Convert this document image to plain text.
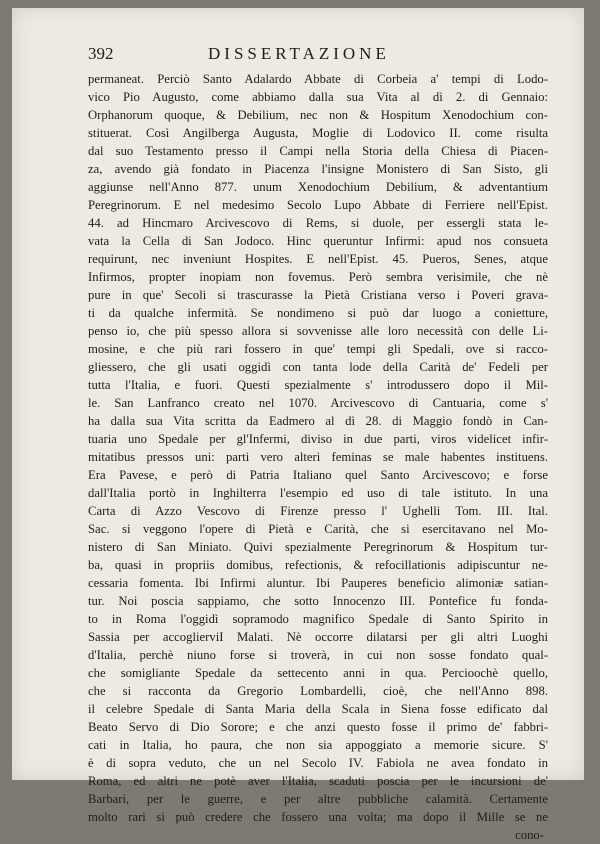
392	DISSERTAZIONE
permaneat. Perciò Santo Adalardo Abbate di Corbeia a' tempi di Lodo-
vico Pio Augusto, come abbiamo dalla sua Vita al dì 2. di Gennaio:
Orphanorum quoque, & Debilium, nec non & Hospitum Xenodochium con-
stituerat. Così Angilberga Augusta, Moglie di Lodovico II. come risulta
dal suo Testamento presso il Campi nella Storia della Chiesa di Piacen-
za, avendo già fondato in Piacenza l'insigne Monistero di San Sisto, gli
aggiunse nell'Anno 877. unum Xenodochium Debilium, & adventantium
Peregrinorum. E nel medesimo Secolo Lupo Abbate di Ferriere nell'Epist.
44. ad Hincmaro Arcivescovo di Rems, si duole, per essergli stata le-
vata la Cella di San Jodoco. Hinc queruntur Infirmi: apud nos consueta
requirunt, nec inveniunt Hospites. E nell'Epist. 45. Pueros, Senes, atque
Infirmos, propter inopiam non fovemus. Però sembra verisimile, che nè
pure in que' Secoli si trascurasse la Pietà Cristiana verso i Poveri grava-
ti da qualche infermità. Se nondimeno si può dar luogo a conietture,
penso io, che più spesso allora si sovvenisse alle loro necessità con delle Li-
mosine, e che più rari fossero in que' tempi gli Spedali, ove si racco-
gliessero, che gli usati oggidì con tanta lode della Carità de' Fedeli per
tutta l'Italia, e fuori. Questi spezialmente s' introdussero dopo il Mil-
le. San Lanfranco creato nel 1070. Arcivescovo di Cantuaria, come s'
ha dalla sua Vita scritta da Eadmero al dì 28. di Maggio fondò in Can-
tuaria uno Spedale per gl'Infermi, diviso in due parti, viros videlicet infir-
mitatibus pressos uni: parti vero alteri feminas se male habentes instituens.
Era Pavese, e però di Patria Italiano quel Santo Arcivescovo; e forse
dall'Italia portò in Inghilterra l'esempio ed uso di tale istituto. In una
Carta di Azzo Vescovo di Firenze presso l' Ughelli Tom. III. Ital.
Sac. si veggono l'opere di Pietà e Carità, che si esercitavano nel Mo-
nistero di San Miniato. Quivi spezialmente Peregrinorum & Hospitum tur-
ba, quasi in propriis domibus, refectionis, & refocillationis adipiscuntur ne-
cessaria fomenta. Ibi Infirmi aluntur. Ibi Pauperes beneficio alimoniæ satian-
tur. Noi poscia sappiamo, che sotto Innocenzo III. Pontefice fu fonda-
to in Roma l'oggidì sopramodo magnifico Spedale di Santo Spirito in
Sassia per accoglierviI Malati. Nè occorre dilatarsi per gli altri Luoghi
d'Italia, perchè niuno forse si troverà, in cui non sosse fondato qual-
che somigliante Spedale da settecento anni in qua. Percioochè quello,
che si racconta da Gregorio Lombardelli, cioè, che nell'Anno 898.
il celebre Spedale di Santa Maria della Scala in Siena fosse edificato dal
Beato Servo di Dio Sorore; e che anzi questo fosse il primo de' fabbri-
cati in Italia, ho paura, che non sia appoggiato a memorie sicure. S'
è di sopra veduto, che un nel Secolo IV. Fabiola ne avea fondato in
Roma, ed altri ne potè aver l'Italia, scaduti poscia per le incursioni de'
Barbari, per le guerre, e per altre pubbliche calamità. Certamente
molto rari si può credere che fossero una volta; ma dopo il Mille se ne
cono-
